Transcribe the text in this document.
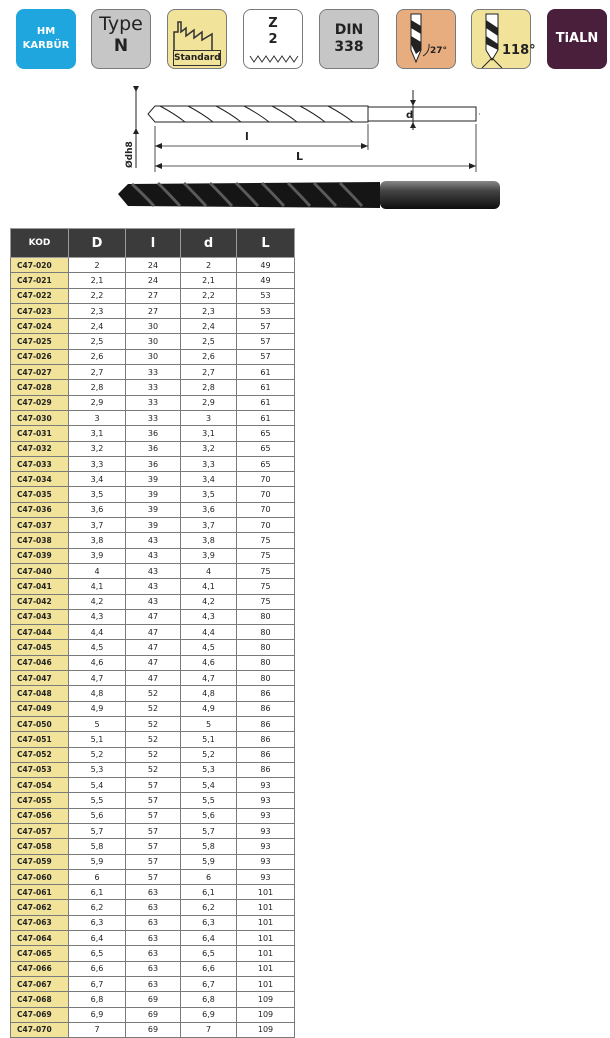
HM
KARBÜR
Type
N
Standard
Z
2
DIN
338	27°	118°
TiALN
d
l
L
Ødh8
KOD	D	l	d	L
C47-020	2	24	2	49
C47-021	2,1	24	2,1	49
C47-022	2,2	27	2,2	53
C47-023	2,3	27	2,3	53
C47-024	2,4	30	2,4	57
C47-025	2,5	30	2,5	57
C47-026	2,6	30	2,6	57
C47-027	2,7	33	2,7	61
C47-028	2,8	33	2,8	61
C47-029	2,9	33	2,9	61
C47-030	3	33	3	61
C47-031	3,1	36	3,1	65
C47-032	3,2	36	3,2	65
C47-033	3,3	36	3,3	65
C47-034	3,4	39	3,4	70
C47-035	3,5	39	3,5	70
C47-036	3,6	39	3,6	70
C47-037	3,7	39	3,7	70
C47-038	3,8	43	3,8	75
C47-039	3,9	43	3,9	75
C47-040	4	43	4	75
C47-041	4,1	43	4,1	75
C47-042	4,2	43	4,2	75
C47-043	4,3	47	4,3	80
C47-044	4,4	47	4,4	80
C47-045	4,5	47	4,5	80
C47-046	4,6	47	4,6	80
C47-047	4,7	47	4,7	80
C47-048	4,8	52	4,8	86
C47-049	4,9	52	4,9	86
C47-050	5	52	5	86
C47-051	5,1	52	5,1	86
C47-052	5,2	52	5,2	86
C47-053	5,3	52	5,3	86
C47-054	5,4	57	5,4	93
C47-055	5,5	57	5,5	93
C47-056	5,6	57	5,6	93
C47-057	5,7	57	5,7	93
C47-058	5,8	57	5,8	93
C47-059	5,9	57	5,9	93
C47-060	6	57	6	93
C47-061	6,1	63	6,1	101
C47-062	6,2	63	6,2	101
C47-063	6,3	63	6,3	101
C47-064	6,4	63	6,4	101
C47-065	6,5	63	6,5	101
C47-066	6,6	63	6,6	101
C47-067	6,7	63	6,7	101
C47-068	6,8	69	6,8	109
C47-069	6,9	69	6,9	109
C47-070	7	69	7	109
